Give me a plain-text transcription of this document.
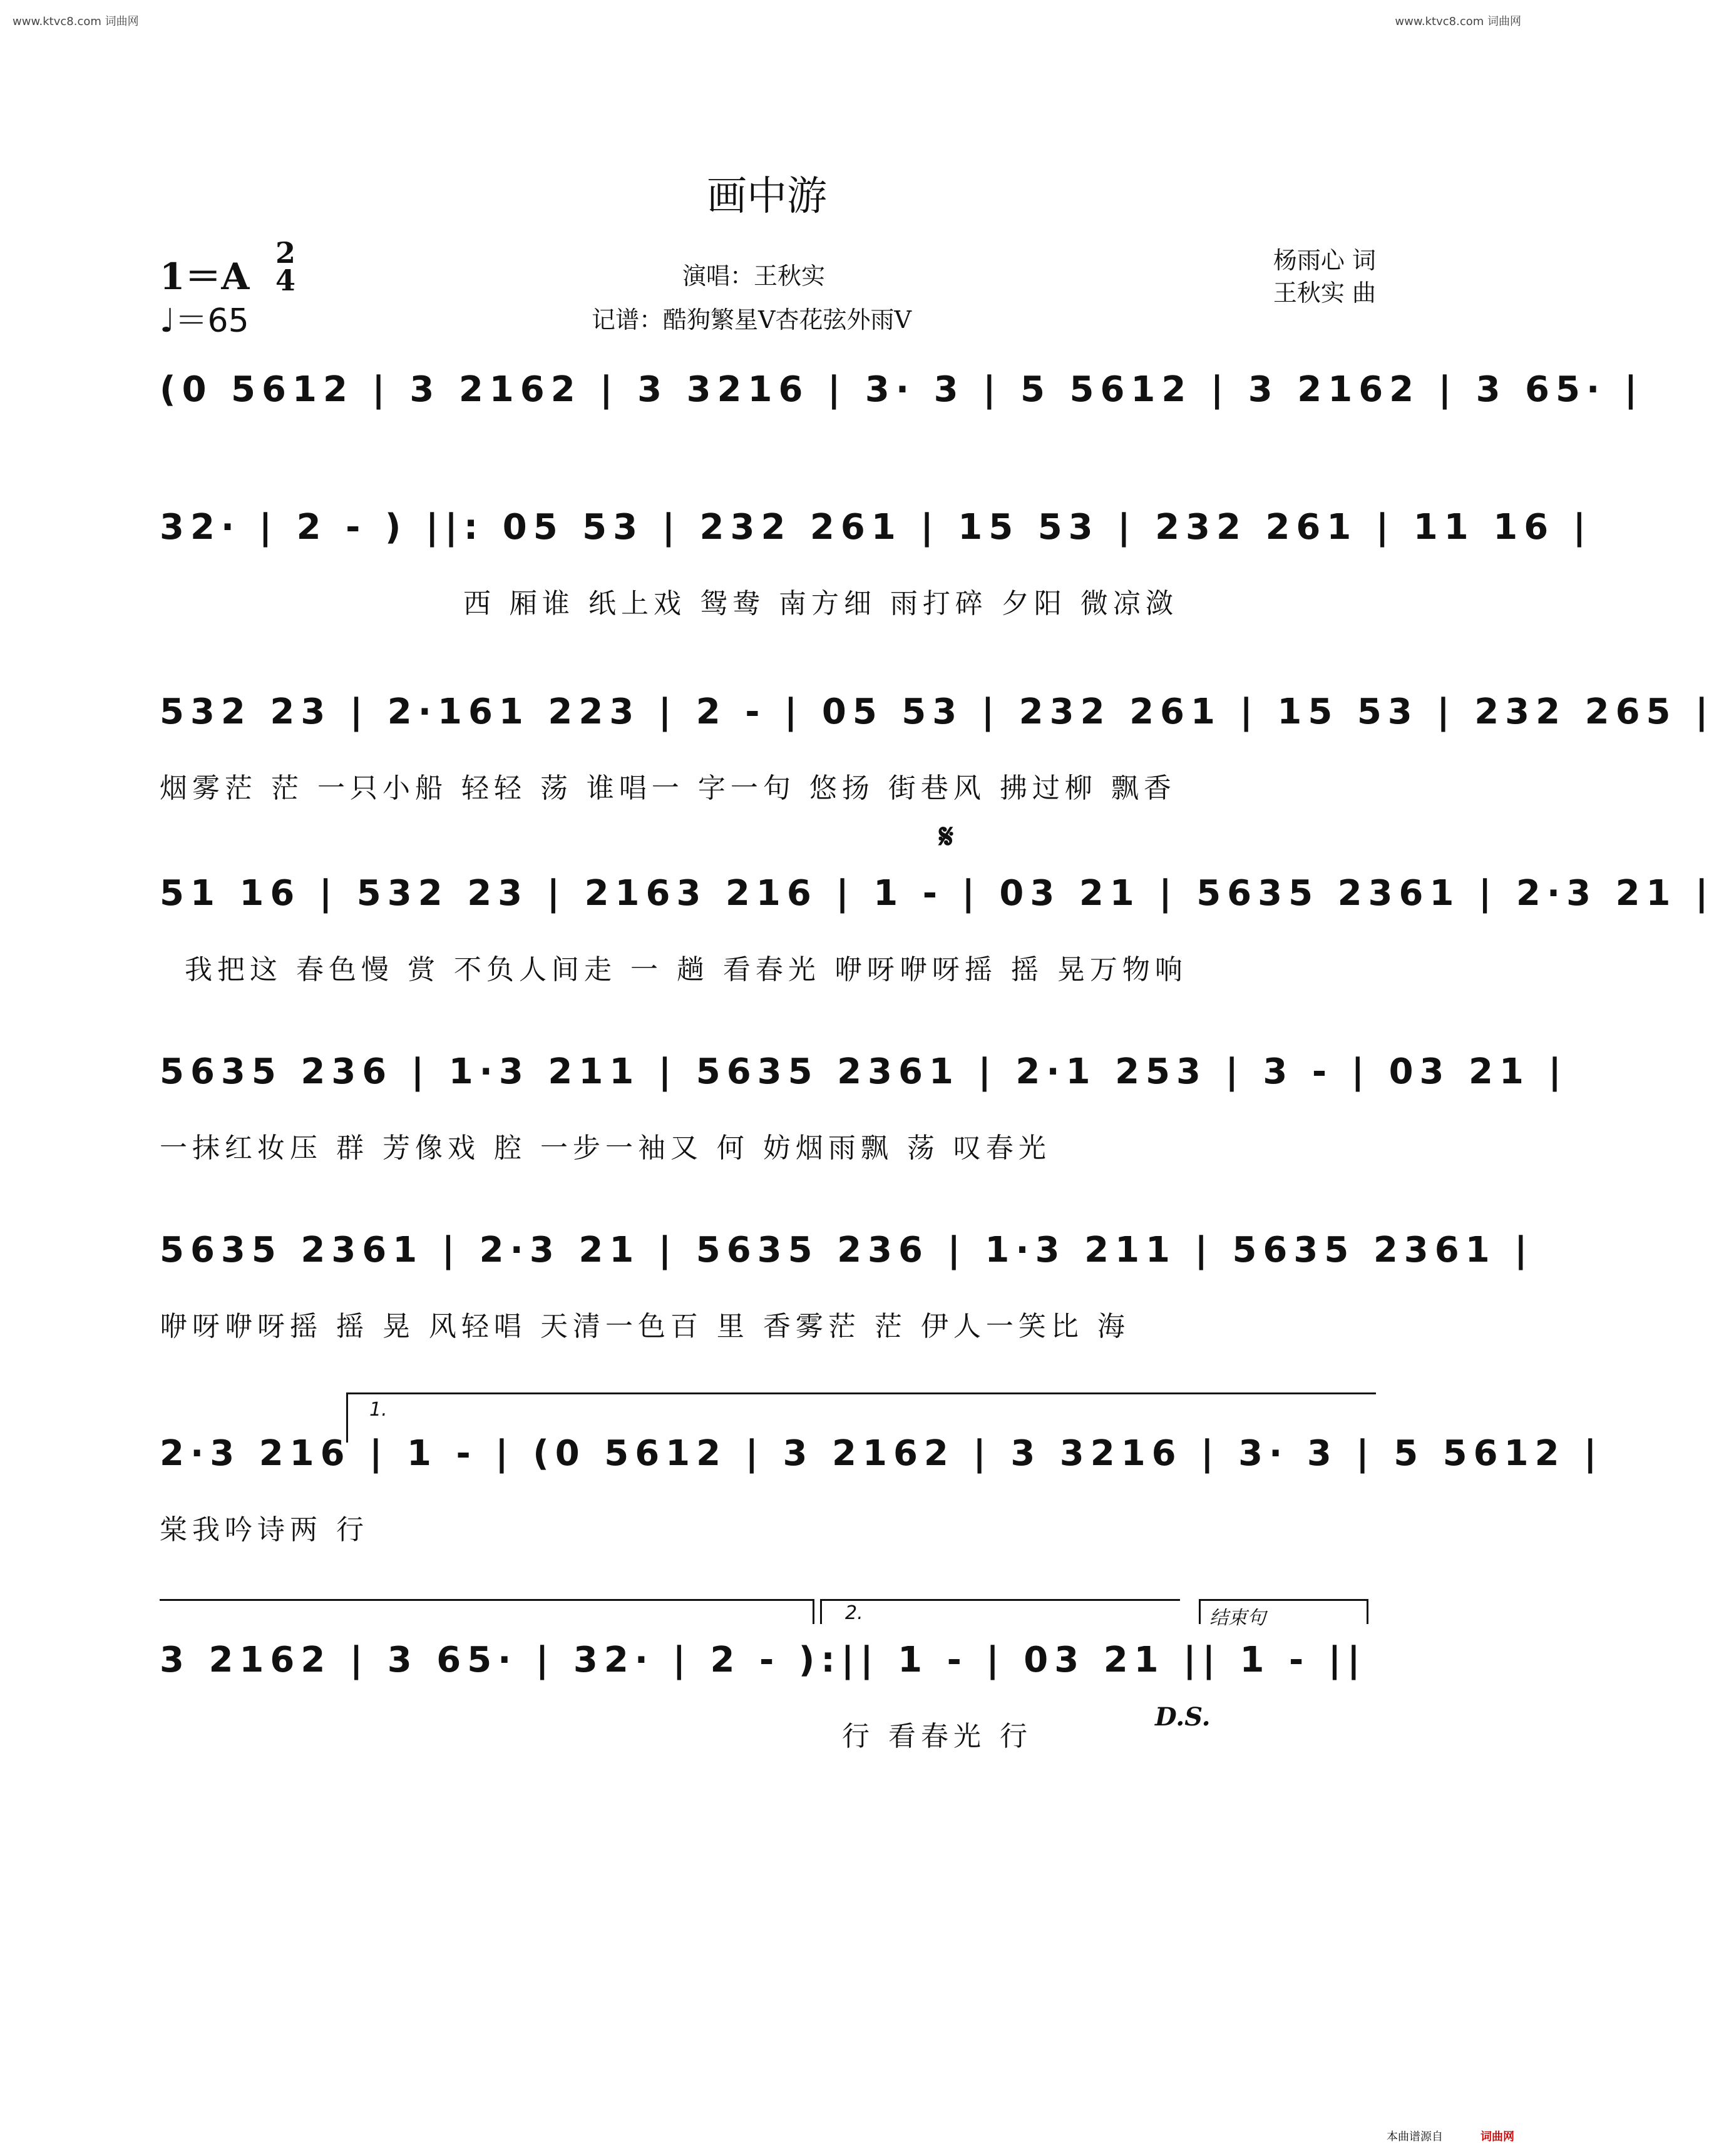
www.ktvc8.com 词曲网	www.ktvc8.com 词曲网
画中游
1＝A
2
4
♩＝65
演唱：王秋实
记谱：酷狗繁星V杏花弦外雨V
杨雨心 词
王秋实 曲
(0 5612 | 3 2162 | 3 3216 | 3· 3 | 5 5612 | 3 2162 | 3 65· |
32· | 2 - ) ||: 05 53 | 232 261 | 15 53 | 232 261 | 11 16 |
西 厢谁 纸上戏 鸳鸯 南方细 雨打碎 夕阳 微凉潋
532 23 | 2·161 223 | 2 - | 05 53 | 232 261 | 15 53 | 232 265 |
烟雾茫 茫 一只小船 轻轻 荡 谁唱一 字一句 悠扬 街巷风 拂过柳 飘香
𝄋
51 16 | 532 23 | 2163 216 | 1 - | 03 21 | 5635 2361 | 2·3 21 |
我把这 春色慢 赏 不负人间走 一 趟 看春光 咿呀咿呀摇 摇 晃万物响
5635 236 | 1·3 211 | 5635 2361 | 2·1 253 | 3 - | 03 21 |
一抹红妆压 群 芳像戏 腔 一步一袖又 何 妨烟雨飘 荡 叹春光
5635 2361 | 2·3 21 | 5635 236 | 1·3 211 | 5635 2361 |
咿呀咿呀摇 摇 晃 风轻唱 天清一色百 里 香雾茫 茫 伊人一笑比 海
1.
2·3 216 | 1 - | (0 5612 | 3 2162 | 3 3216 | 3· 3 | 5 5612 |
棠我吟诗两 行
2.	结束句
3 2162 | 3 65· | 32· | 2 - ):|| 1 - | 03 21 || 1 - ||
行 看春光 行
D.S.
本曲谱源自	词曲网
